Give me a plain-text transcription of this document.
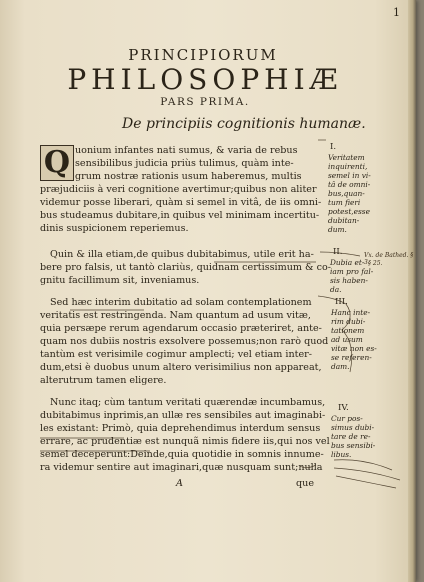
1
PRINCIPIORUM
PHILOSOPHIÆ
PARS PRIMA.
De principiis cognitionis humanæ.
Q uonium infantes nati sumus, & varia de rebus
sensibilibus judicia priùs tulimus, quàm inte-
grum nostræ rationis usum haberemus, multis
præjudiciis à veri cognitione avertimur;quibus non aliter
videmur posse liberari, quàm si semel in vitâ, de iis omni-
bus studeamus dubitare,in quibus vel minimam incertitu-
dinis suspicionem reperiemus.
Quin & illa etiam,de quibus dubitabimus, utile erit ha-
bere pro falsis, ut tantò clariùs, quidnam certissimum & co-
gnitu facillimum sit, inveniamus.
Sed hæc interim dubitatio ad solam contemplationem
veritatis est restringenda. Nam quantum ad usum vitæ,
quia persæpe rerum agendarum occasio præteriret, ante-
quam nos dubiis nostris exsolvere possemus;non rarò quod
tantùm est verisimile cogimur amplecti; vel etiam inter-
dum,etsi è duobus unum altero verisimilius non appareat,
alterutrum tamen eligere.
Nunc itaq; cùm tantum veritati quærendæ incumbamus,
dubitabimus inprimis,an ullæ res sensibiles aut imaginabi-
les existant: Primò, quia deprehendimus interdum sensus
errare, ac prudentiæ est nunquã nimis fidere iis,qui nos vel
semel deceperunt:Deinde,quia quotidie in somnis innume-
ra videmur sentire aut imaginari,quæ nusquam sunt;nulla
A	que
I.
Veritatem
inquirenti,
semel in vi-
tâ de omni-
bus,quan-
tum fieri
potest,esse
dubitan-
dum.
II.
Dubia et-
iam pro fal-
sis haben-
da.
III.
Hanc inte-
rim dubi-
tationem
ad usum
vitæ non es-
se referen-
dam.
IV.
Cur pos-
simus dubi-
tare de re-
bus sensibi-
libus.
Vx. de Bathed. § 3.
§ 25.
